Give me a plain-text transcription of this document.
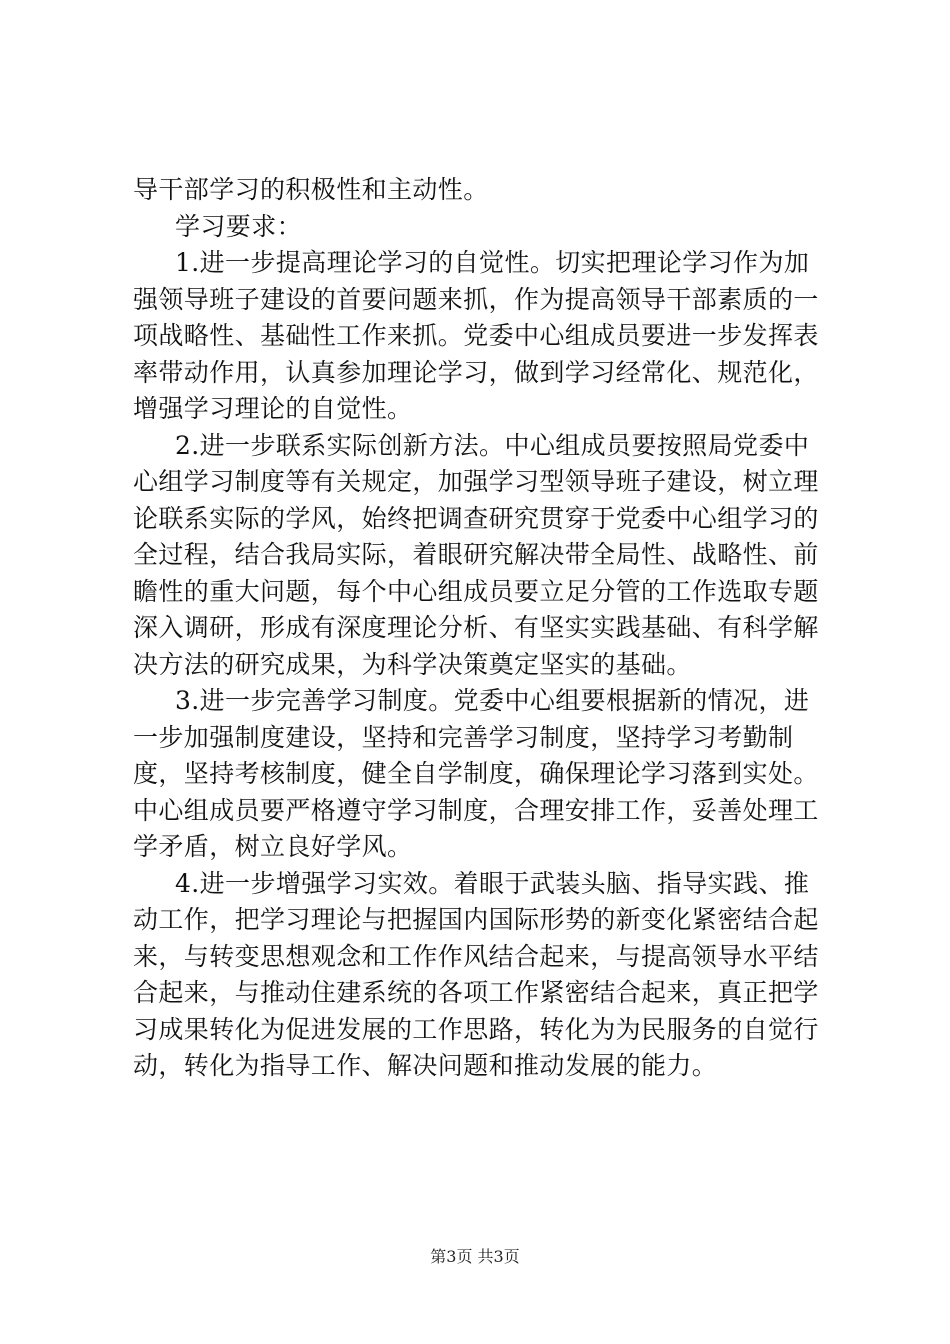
导干部学习的积极性和主动性。

学习要求：

1.进一步提高理论学习的自觉性。切实把理论学习作为加强领导班子建设的首要问题来抓，作为提高领导干部素质的一项战略性、基础性工作来抓。党委中心组成员要进一步发挥表率带动作用，认真参加理论学习，做到学习经常化、规范化，增强学习理论的自觉性。

2.进一步联系实际创新方法。中心组成员要按照局党委中心组学习制度等有关规定，加强学习型领导班子建设，树立理论联系实际的学风，始终把调查研究贯穿于党委中心组学习的全过程，结合我局实际，着眼研究解决带全局性、战略性、前瞻性的重大问题，每个中心组成员要立足分管的工作选取专题深入调研，形成有深度理论分析、有坚实实践基础、有科学解决方法的研究成果，为科学决策奠定坚实的基础。

3.进一步完善学习制度。党委中心组要根据新的情况，进一步加强制度建设，坚持和完善学习制度，坚持学习考勤制度，坚持考核制度，健全自学制度，确保理论学习落到实处。中心组成员要严格遵守学习制度，合理安排工作，妥善处理工学矛盾，树立良好学风。

4.进一步增强学习实效。着眼于武装头脑、指导实践、推动工作，把学习理论与把握国内国际形势的新变化紧密结合起来，与转变思想观念和工作作风结合起来，与提高领导水平结合起来，与推动住建系统的各项工作紧密结合起来，真正把学习成果转化为促进发展的工作思路，转化为为民服务的自觉行动，转化为指导工作、解决问题和推动发展的能力。

第3页 共3页
